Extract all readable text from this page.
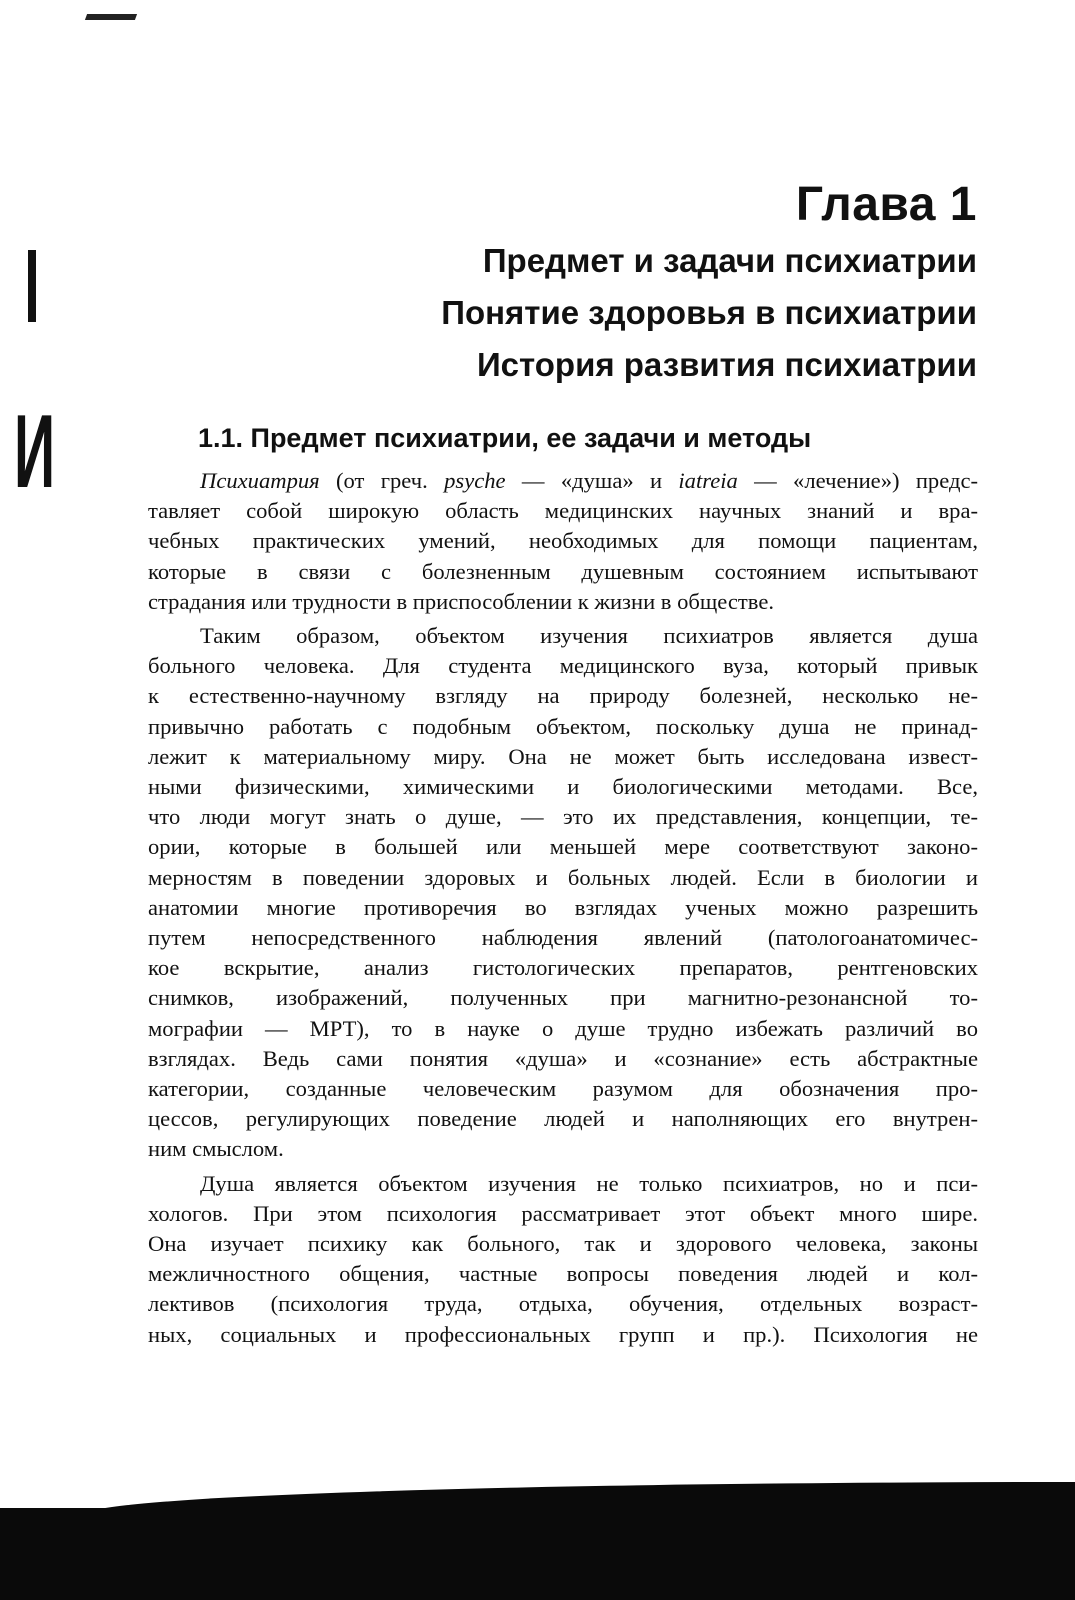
И
Глава 1
Предмет и задачи психиатрии
Понятие здоровья в психиатрии
История развития психиатрии
1.1. Предмет психиатрии, ее задачи и методы

Психиатрия (от греч. psyche — «душа» и iatreia — «лечение») предс-
тавляет собой широкую область медицинских научных знаний и вра-
чебных практических умений, необходимых для помощи пациентам,
которые в связи с болезненным душевным состоянием испытывают
страдания или трудности в приспособлении к жизни в обществе.

Таким образом, объектом изучения психиатров является душа
больного человека. Для студента медицинского вуза, который привык
к естественно-научному взгляду на природу болезней, несколько не-
привычно работать с подобным объектом, поскольку душа не принад-
лежит к материальному миру. Она не может быть исследована извест-
ными физическими, химическими и биологическими методами. Все,
что люди могут знать о душе, — это их представления, концепции, те-
ории, которые в большей или меньшей мере соответствуют законо-
мерностям в поведении здоровых и больных людей. Если в биологии и
анатомии многие противоречия во взглядах ученых можно разрешить
путем непосредственного наблюдения явлений (патологоанатомичес-
кое вскрытие, анализ гистологических препаратов, рентгеновских
снимков, изображений, полученных при магнитно-резонансной то-
мографии — МРТ), то в науке о душе трудно избежать различий во
взглядах. Ведь сами понятия «душа» и «сознание» есть абстрактные
категории, созданные человеческим разумом для обозначения про-
цессов, регулирующих поведение людей и наполняющих его внутрен-
ним смыслом.

Душа является объектом изучения не только психиатров, но и пси-
хологов. При этом психология рассматривает этот объект много шире.
Она изучает психику как больного, так и здорового человека, законы
межличностного общения, частные вопросы поведения людей и кол-
лективов (психология труда, отдыха, обучения, отдельных возраст-
ных, социальных и профессиональных групп и пр.). Психология не
